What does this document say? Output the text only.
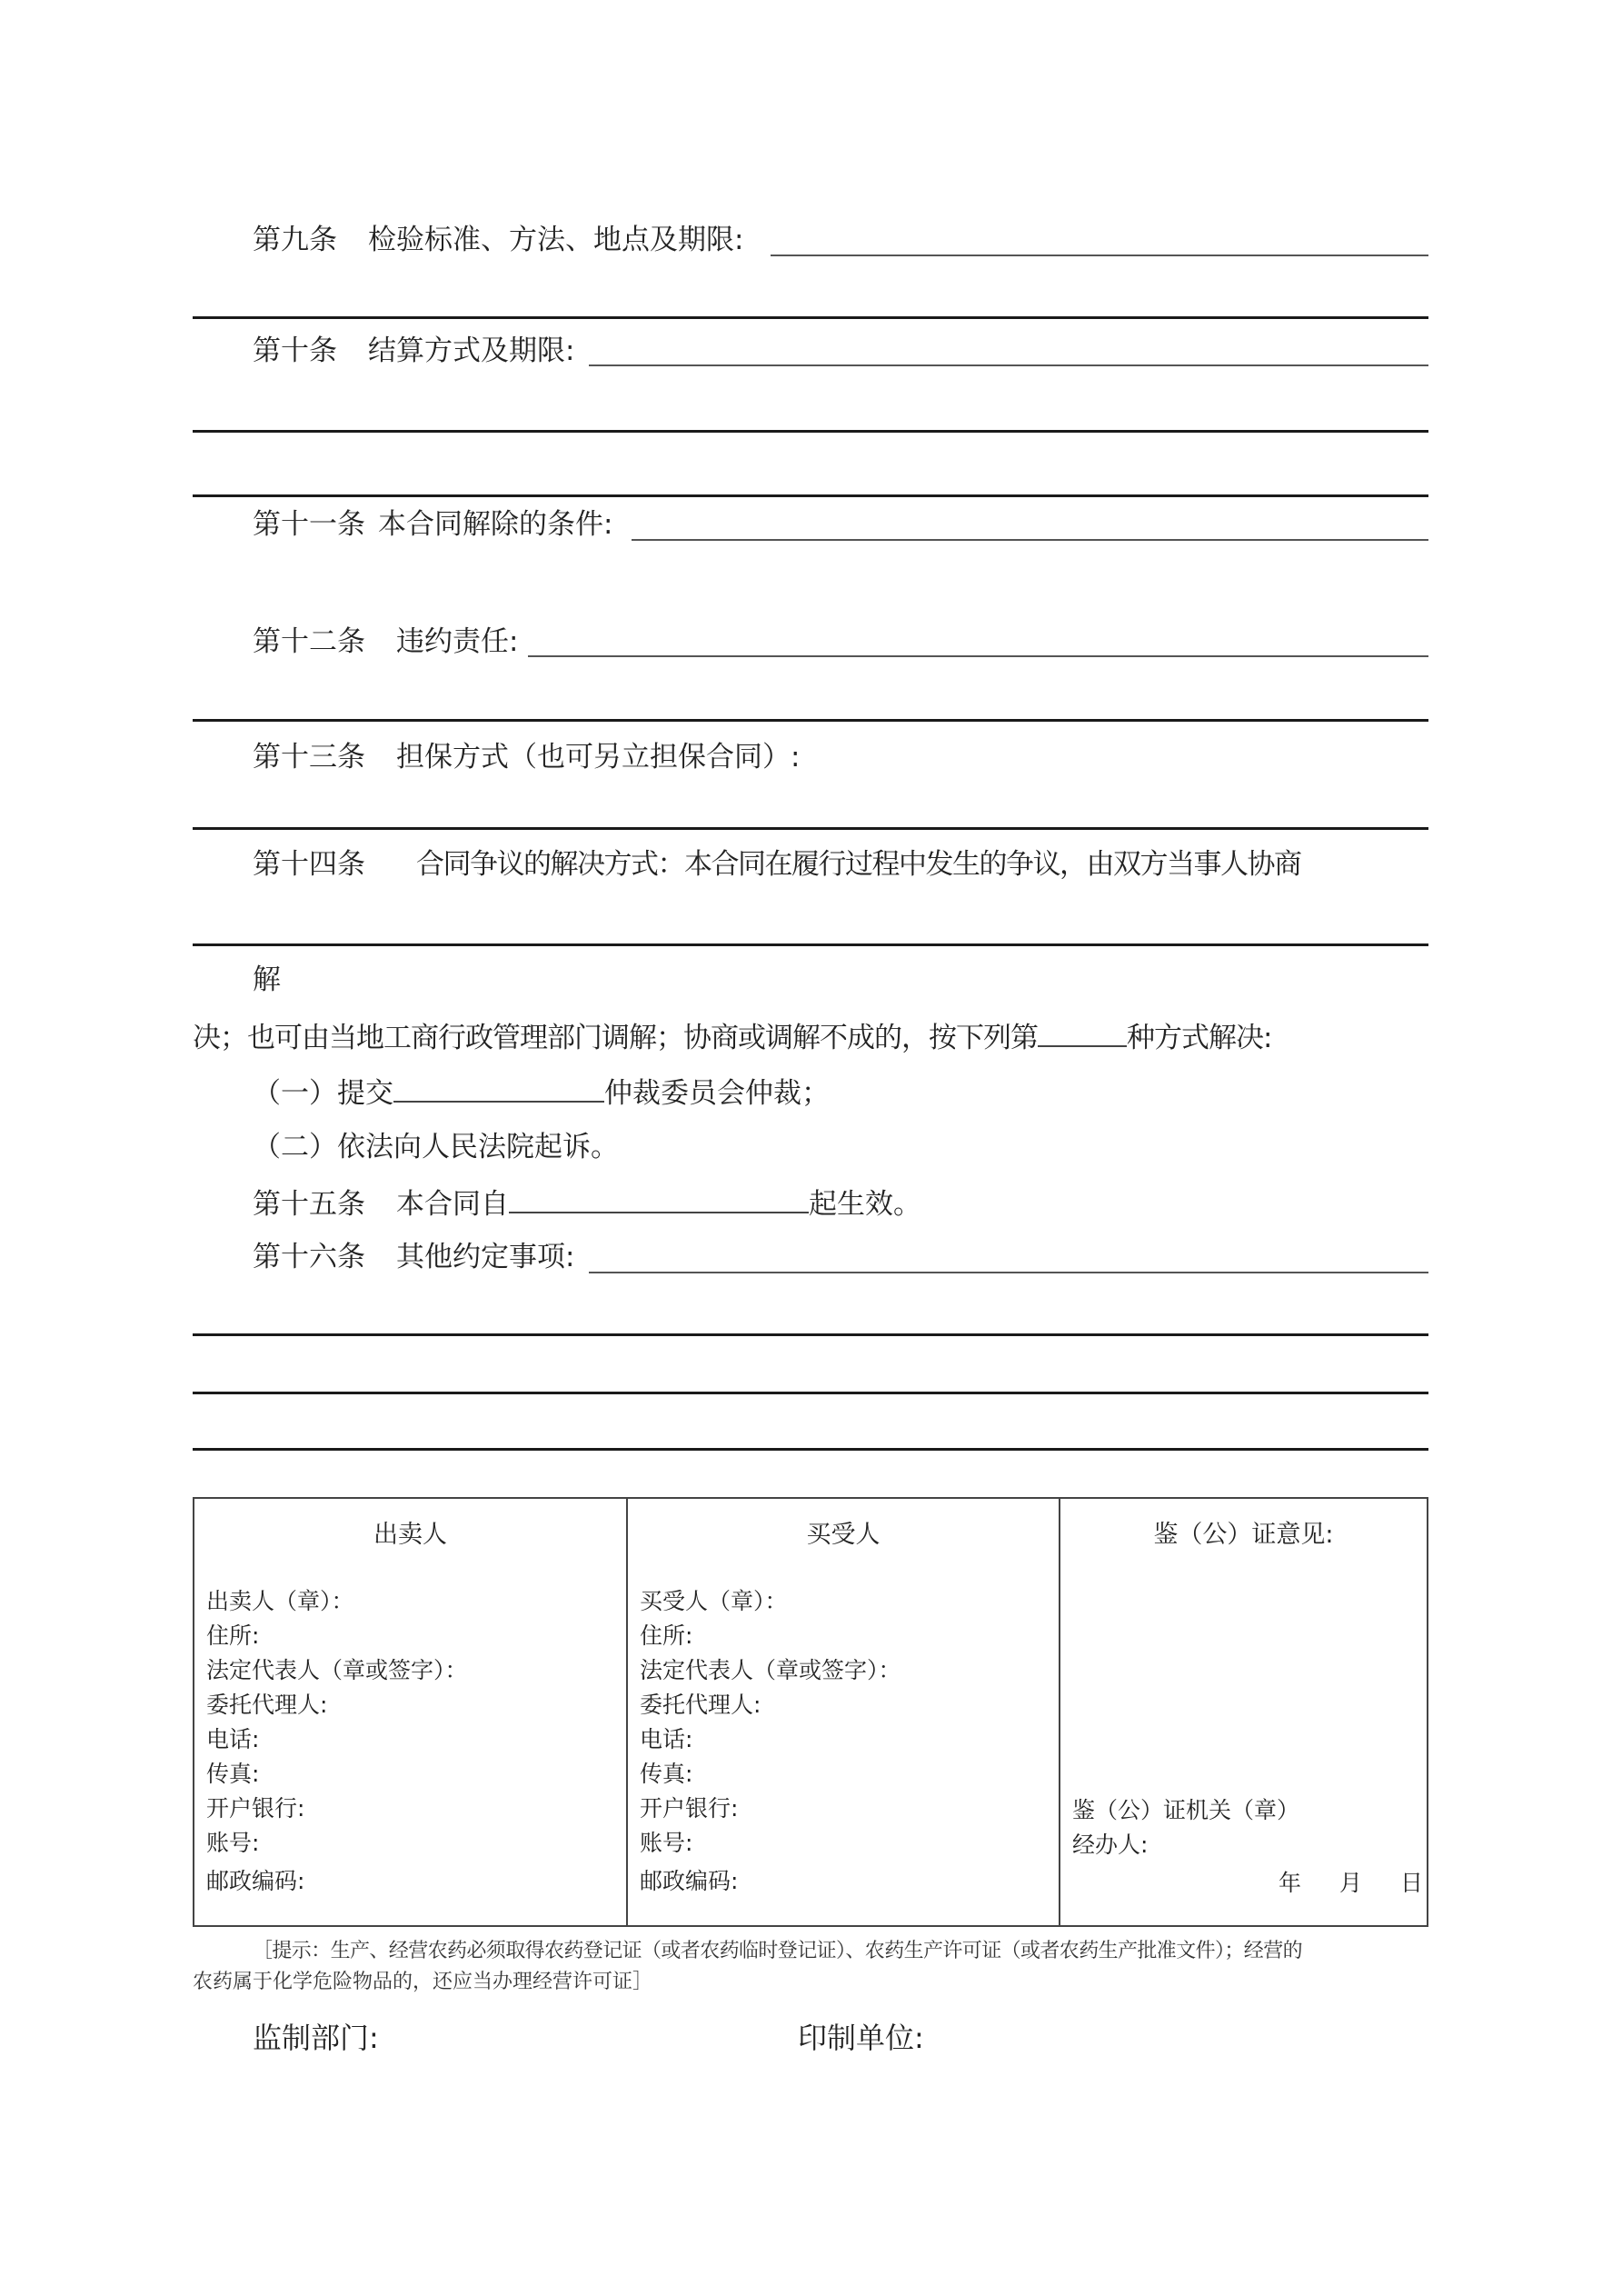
第九条 检验标准、方法、地点及期限:
第十条 结算方式及期限:
第十一条 本合同解除的条件:
第十二条 违约责任:
第十三条 担保方式（也可另立担保合同）:
第十四条 合同争议的解决方式：本合同在履行过程中发生的争议，由双方当事人协商
解
决；也可由当地工商行政管理部门调解；协商或调解不成的，按下列第	种方式解决:
（一）提交	仲裁委员会仲裁；
（二）依法向人民法院起诉。
第十五条 本合同自	起生效。
第十六条 其他约定事项:
出卖人
出卖人（章）：
住所:
法定代表人（章或签字）：
委托代理人:
电话:
传真:
开户银行:
账号:
邮政编码:
买受人
买受人（章）：
住所:
法定代表人（章或签字）：
委托代理人:
电话:
传真:
开户银行:
账号:
邮政编码:
鉴（公）证意见:
鉴（公）证机关（章）
经办人:
年 月 日
［提示：生产、经营农药必须取得农药登记证（或者农药临时登记证）、农药生产许可证（或者农药生产批准文件）；经营的
农药属于化学危险物品的，还应当办理经营许可证］
监制部门:	印制单位:
